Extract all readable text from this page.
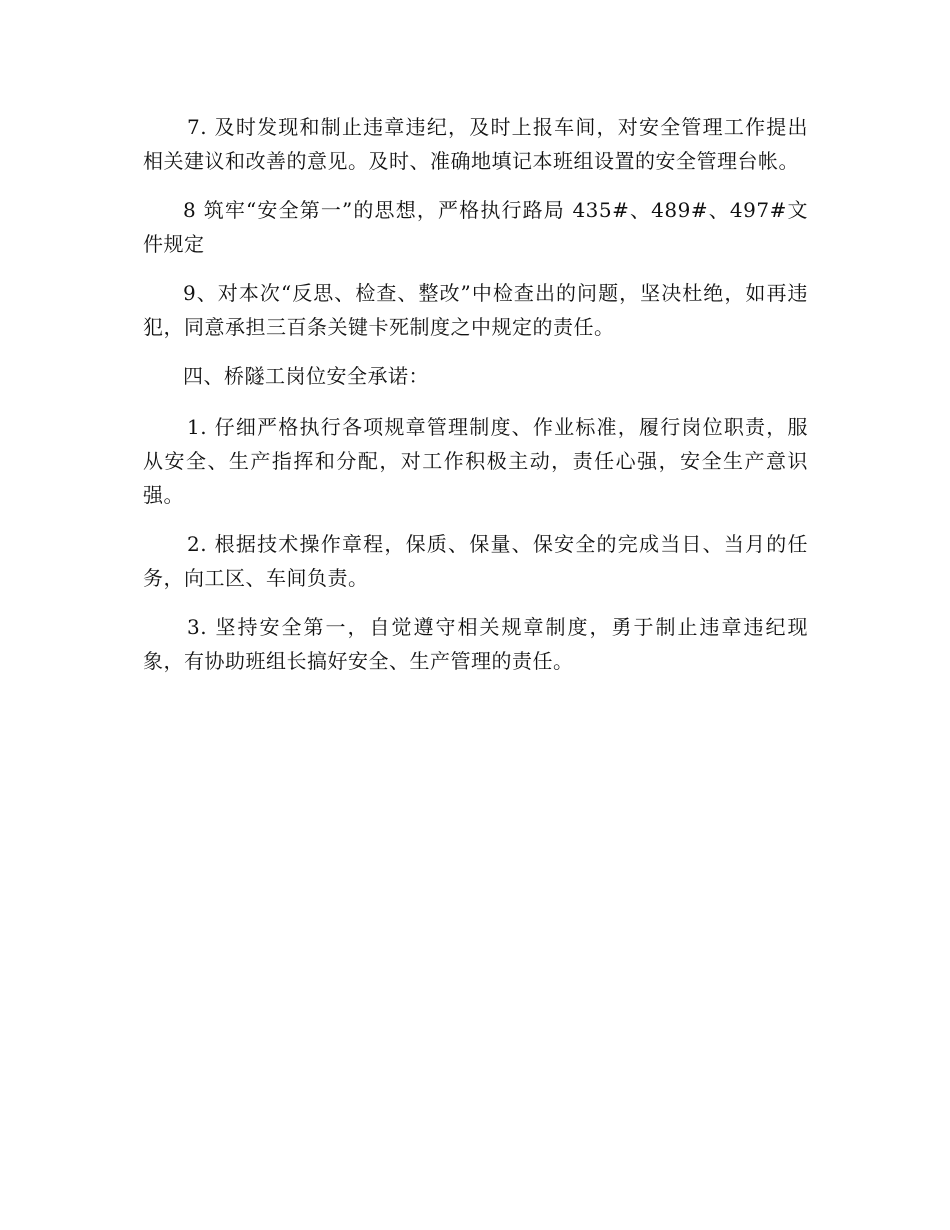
7. 及时发现和制止违章违纪，及时上报车间，对安全管理工作提出相关建议和改善的意见。及时、准确地填记本班组设置的安全管理台帐。

8 筑牢“安全第一”的思想，严格执行路局 435#、489#、497#文件规定

9、对本次“反思、检查、整改”中检查出的问题，坚决杜绝，如再违犯，同意承担三百条关键卡死制度之中规定的责任。

四、桥隧工岗位安全承诺：

1. 仔细严格执行各项规章管理制度、作业标准，履行岗位职责，服从安全、生产指挥和分配，对工作积极主动，责任心强，安全生产意识强。

2. 根据技术操作章程，保质、保量、保安全的完成当日、当月的任务，向工区、车间负责。

3. 坚持安全第一，自觉遵守相关规章制度，勇于制止违章违纪现象，有协助班组长搞好安全、生产管理的责任。
